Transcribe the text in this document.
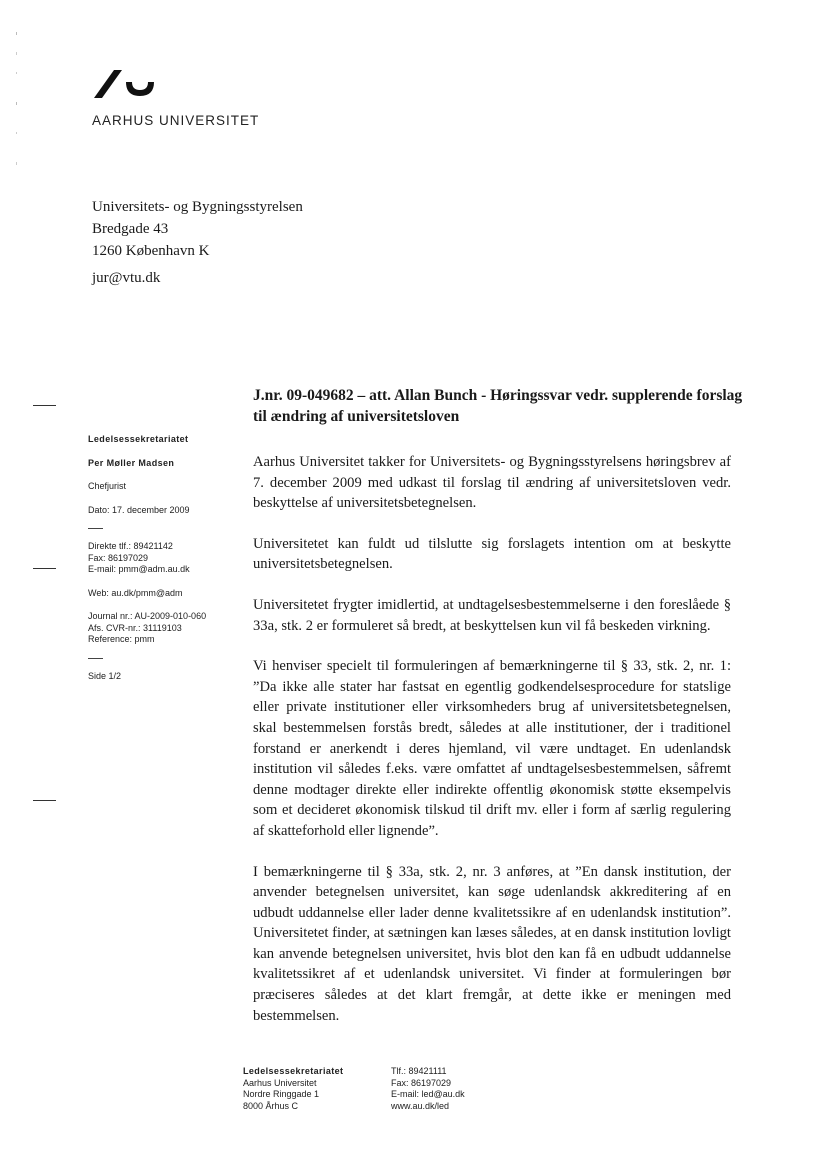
AARHUS UNIVERSITET
Universitets- og Bygningsstyrelsen
Bredgade 43
1260 København K
jur@vtu.dk
J.nr. 09-049682 – att. Allan Bunch - Høringssvar vedr. supplerende forslag til ændring af universitetsloven
Ledelsessekretariatet
Per Møller Madsen
Chefjurist
Dato: 17. december 2009
Direkte tlf.: 89421142
Fax: 86197029
E-mail: pmm@adm.au.dk
Web: au.dk/pmm@adm
Journal nr.: AU-2009-010-060
Afs. CVR-nr.: 31119103
Reference: pmm
Side 1/2

Aarhus Universitet takker for Universitets- og Bygningsstyrelsens høringsbrev af 7. december 2009 med udkast til forslag til ændring af universitetsloven vedr. beskyttelse af universitetsbetegnelsen.

Universitetet kan fuldt ud tilslutte sig forslagets intention om at beskytte universitetsbetegnelsen.

Universitetet frygter imidlertid, at undtagelsesbestemmelserne i den foreslåede § 33a, stk. 2 er formuleret så bredt, at beskyttelsen kun vil få beskeden virkning.

Vi henviser specielt til formuleringen af bemærkningerne til § 33, stk. 2, nr. 1: ”Da ikke alle stater har fastsat en egentlig godkendelsesprocedure for statslige eller private institutioner eller virksomheders brug af universitetsbetegnelsen, skal bestemmelsen forstås bredt, således at alle institutioner, der i traditionel forstand er anerkendt i deres hjemland, vil være undtaget. En udenlandsk institution vil således f.eks. være omfattet af undtagelsesbestemmelsen, såfremt denne modtager direkte eller indirekte offentlig økonomisk støtte eksempelvis som et decideret økonomisk tilskud til drift mv. eller i form af særlig regulering af skatteforhold eller lignende”.

I bemærkningerne til § 33a, stk. 2, nr. 3 anføres, at ”En dansk institution, der anvender betegnelsen universitet, kan søge udenlandsk akkreditering af en udbudt uddannelse eller lader denne kvalitetssikre af en udenlandsk institution”. Universitetet finder, at sætningen kan læses således, at en dansk institution lovligt kan anvende betegnelsen universitet, hvis blot den kan få en udbudt uddannelse kvalitetssikret af et udenlandsk universitet. Vi finder at formuleringen bør præciseres således at det klart fremgår, at dette ikke er meningen med bestemmelsen.

Ledelsessekretariatet
Aarhus Universitet
Nordre Ringgade 1
8000 Århus C
Tlf.: 89421111
Fax: 86197029
E-mail: led@au.dk
www.au.dk/led
